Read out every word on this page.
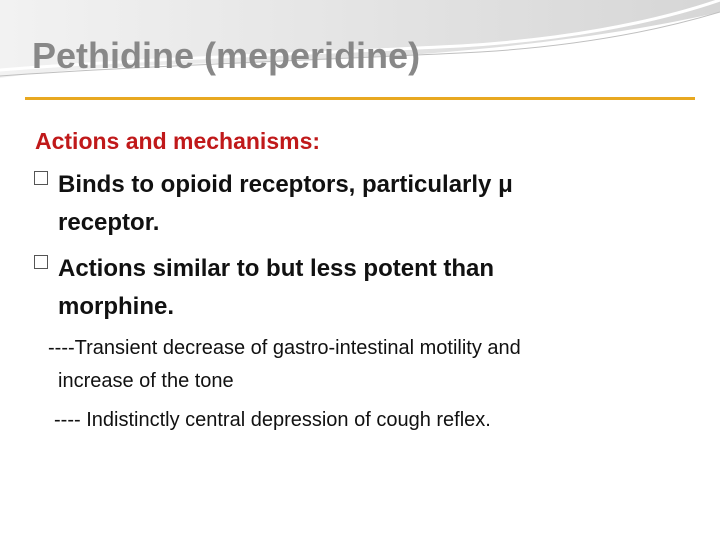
Pethidine (meperidine)
Actions and mechanisms:
Binds to opioid receptors, particularly μ
receptor.
Actions similar to but less potent than
morphine.
----Transient decrease of gastro-intestinal motility and
increase of the tone
---- Indistinctly central depression of cough reflex.
